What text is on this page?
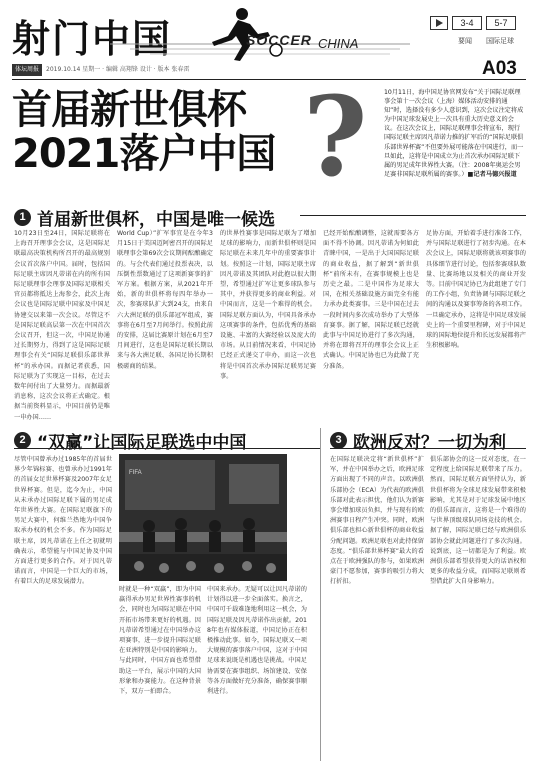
射门中国	SOCCER CHINA
3-4	5-7
要闻 国际足球
体坛周报 2019.10.14 星期一 · 编辑 高翔锋 设计 · 版本 张春雷	A03
首届新世俱杯
2021落户中国 ?	10月11日，海中国足协官网发布“关于国际足联理事会第十一次会议（上海）媒体活动安排的通知”时，选择没有多少人意识到，这次会议注定将成为中国足球发展史上一次具有重大历史意义的会议。在这次会议上，国际足联理事会将宣布，现行国际足联主席因凡蒂诺力推的扩军后的“国际足联俱乐部世界杯赛”不但要外展可能落在中国进行，而一旦如此，这将是中国成立为止首次承办国际足联下属的男足成年世界性大赛。（注：2008年奥运会男足赛非国际足联所属的赛事。）■记者马德兴报道
1 首届新世俱杯，中国是唯一候选
10月23日至24日，国际足联将在上海召开理事会会议，这是国际足联最高决策机构所召开的最高规别会议首次落户中国。届时，包括国际足联主席因凡蒂诺在内的所有国际足联理事会理事及国际足联相关官员都将抵达上海参会，此次上海会议也是国际足联中国家及中国足协建交以来第一次会议。尽管这不是国际足联高层第一次在中国首次会议召开，但这一次，中国足协通过长期努力，得到了这是国际足联理事会有关“国际足联俱乐部世界杯”的承办国。而据记者获悉，国际足联为了实现这一目标，在过去数年间付出了大量努力。而据最新消息称，这次会议将正式确定。根据当前资料显示，中国目前仍是唯一申办国……
World Cup）”扩军事宜是在今年3月15日于美国迈阿密召开的国际足联理事会第69次会议期间酝酿确定的。与会代表们通过投票表决，以压倒性票数通过了这项新赛事的扩军方案。根据方案，从2021年开始，新的世俱杯将每四年举办一次，参赛球队扩大到24支，由来自六大洲足联的俱乐部冠军组成，赛事将在6月至7月间举行。按照此前的安排，这届比赛原计划在6月至7月间进行，这也是国际足联长期以来与各大洲足联、各国足协长期积极磋商的结果。
的世界性赛事是国际足联为了增加足球的影响力，而新世俱杯则是国际足联在未来几年中的重要赛事计划。按照这一计划，国际足联主席因凡蒂诺及其团队对此抱以很大期望，希望通过扩军让更多球队参与其中，并获得更多的商业利益。对中国而言，这是一个难得的机会。国际足联方面认为，中国具备承办这项赛事的条件，包括优秀的基础设施、丰富的大赛经验以及庞大的市场。从目前情况来看，中国足协已经正式递交了申办，而这一次也将是中国首次承办国际足联男足赛事。
已经开始酝酿调整，这就需要各方面不得不协调。因凡蒂诺为何如此青睐中国，一是出于大国国际足联的商业收益，据了解到“新世俱杯”前所未有，在赛事规模上也是历史之最。二是中国作为足球大国，在相关基础设施方面完全有能力承办此类赛事。三是中国在过去一段时间内多次成功举办了大型体育赛事。据了解，国际足联已经就此事与中国足协进行了多次沟通，并将在即将召开的理事会会议上正式确认。中国足协也已为此做了充分准备。
足协方面，开始着手进行准备工作，并与国际足联进行了初步沟通。在本次会议上，国际足联将就该项赛事的具体细节进行讨论，包括参赛球队数量、比赛场地以及相关的商业开发等。目前中国足协已为此组建了专门的工作小组，负责协调与国际足联之间的沟通以及赛事筹备的各项工作。一旦确定承办，这将是中国足球发展史上的一个重要里程碑，对于中国足球的国际地位提升和长远发展都将产生积极影响。
2 “双赢”让国际足联选中中国
尽管中国曾承办过1985年的首届世界少年锦标赛、也曾承办过1991年的首届女足世界杯赛及2007年女足世界杯赛。但是，迄今为止，中国从未承办过国际足联下属的男足成年世界性大赛。在国际足联旗下的男足大赛中，何维兰热地为中国争取承办权的机会不多。作为国际足联主席，因凡蒂诺在上任之初就明确表示，希望能与中国足协及中国方面进行更多的合作。对于因凡蒂诺而言，中国是一个巨大的市场，有着巨大的足球发展潜力。
FIFA
时就是一种“双赢”，即为中国赢得承办男足世界性赛事的机会，同时也为国际足联在中国开拓市场带来更好的机遇。因凡蒂诺希望通过在中国举办这项赛事，进一步提升国际足联在亚洲特别是中国的影响力。与此同时，中国方面也希望借助这一平台，展示中国的大国形象和办赛能力。在这种背景下，双方一拍即合。
中国来承办。无疑可以让因凡蒂诺的计划得以进一步全面落实。换言之，中国可千载难逢地利用这一机会，为国际足联及因凡蒂诺作出贡献。2018年也有媒体报道，中国足协正在积极推动此事。如今，国际足联又一项大规模的赛事落户中国，这对于中国足球来说既是机遇也是挑战。中国足协需要在赛事组织、场馆建设、安保等各方面做好充分准备，确保赛事顺利进行。
3 欧洲反对？一切为利
在国际足联决定将“新世俱杯”扩军，并在中国举办之后，欧洲足球方面出现了不同的声音。以欧洲俱乐部协会（ECA）为代表的欧洲俱乐部对此表示担忧，他们认为新赛事会增加球员负担，并与现有的欧洲赛事日程产生冲突。同时，欧洲俱乐部也担心新世俱杯的商业收益分配问题。欧洲足联也对此持保留态度。“俱乐部世界杯赛”最大的看点在于欧洲强队的参与，如果欧洲豪门不愿参加，赛事的吸引力将大打折扣。
俱乐部协会的这一反对态度，在一定程度上给国际足联带来了压力。然而，国际足联方面坚持认为，新世俱杯将为全球足球发展带来积极影响，尤其是对于足球发展中地区的俱乐部而言，这将是一个难得的与世界顶级球队同场竞技的机会。据了解，国际足联已经与欧洲俱乐部协会就此问题进行了多次沟通。说到底，这一切都是为了利益。欧洲俱乐部希望获得更大的话语权和更多的收益分成，而国际足联则希望借此扩大自身影响力。
